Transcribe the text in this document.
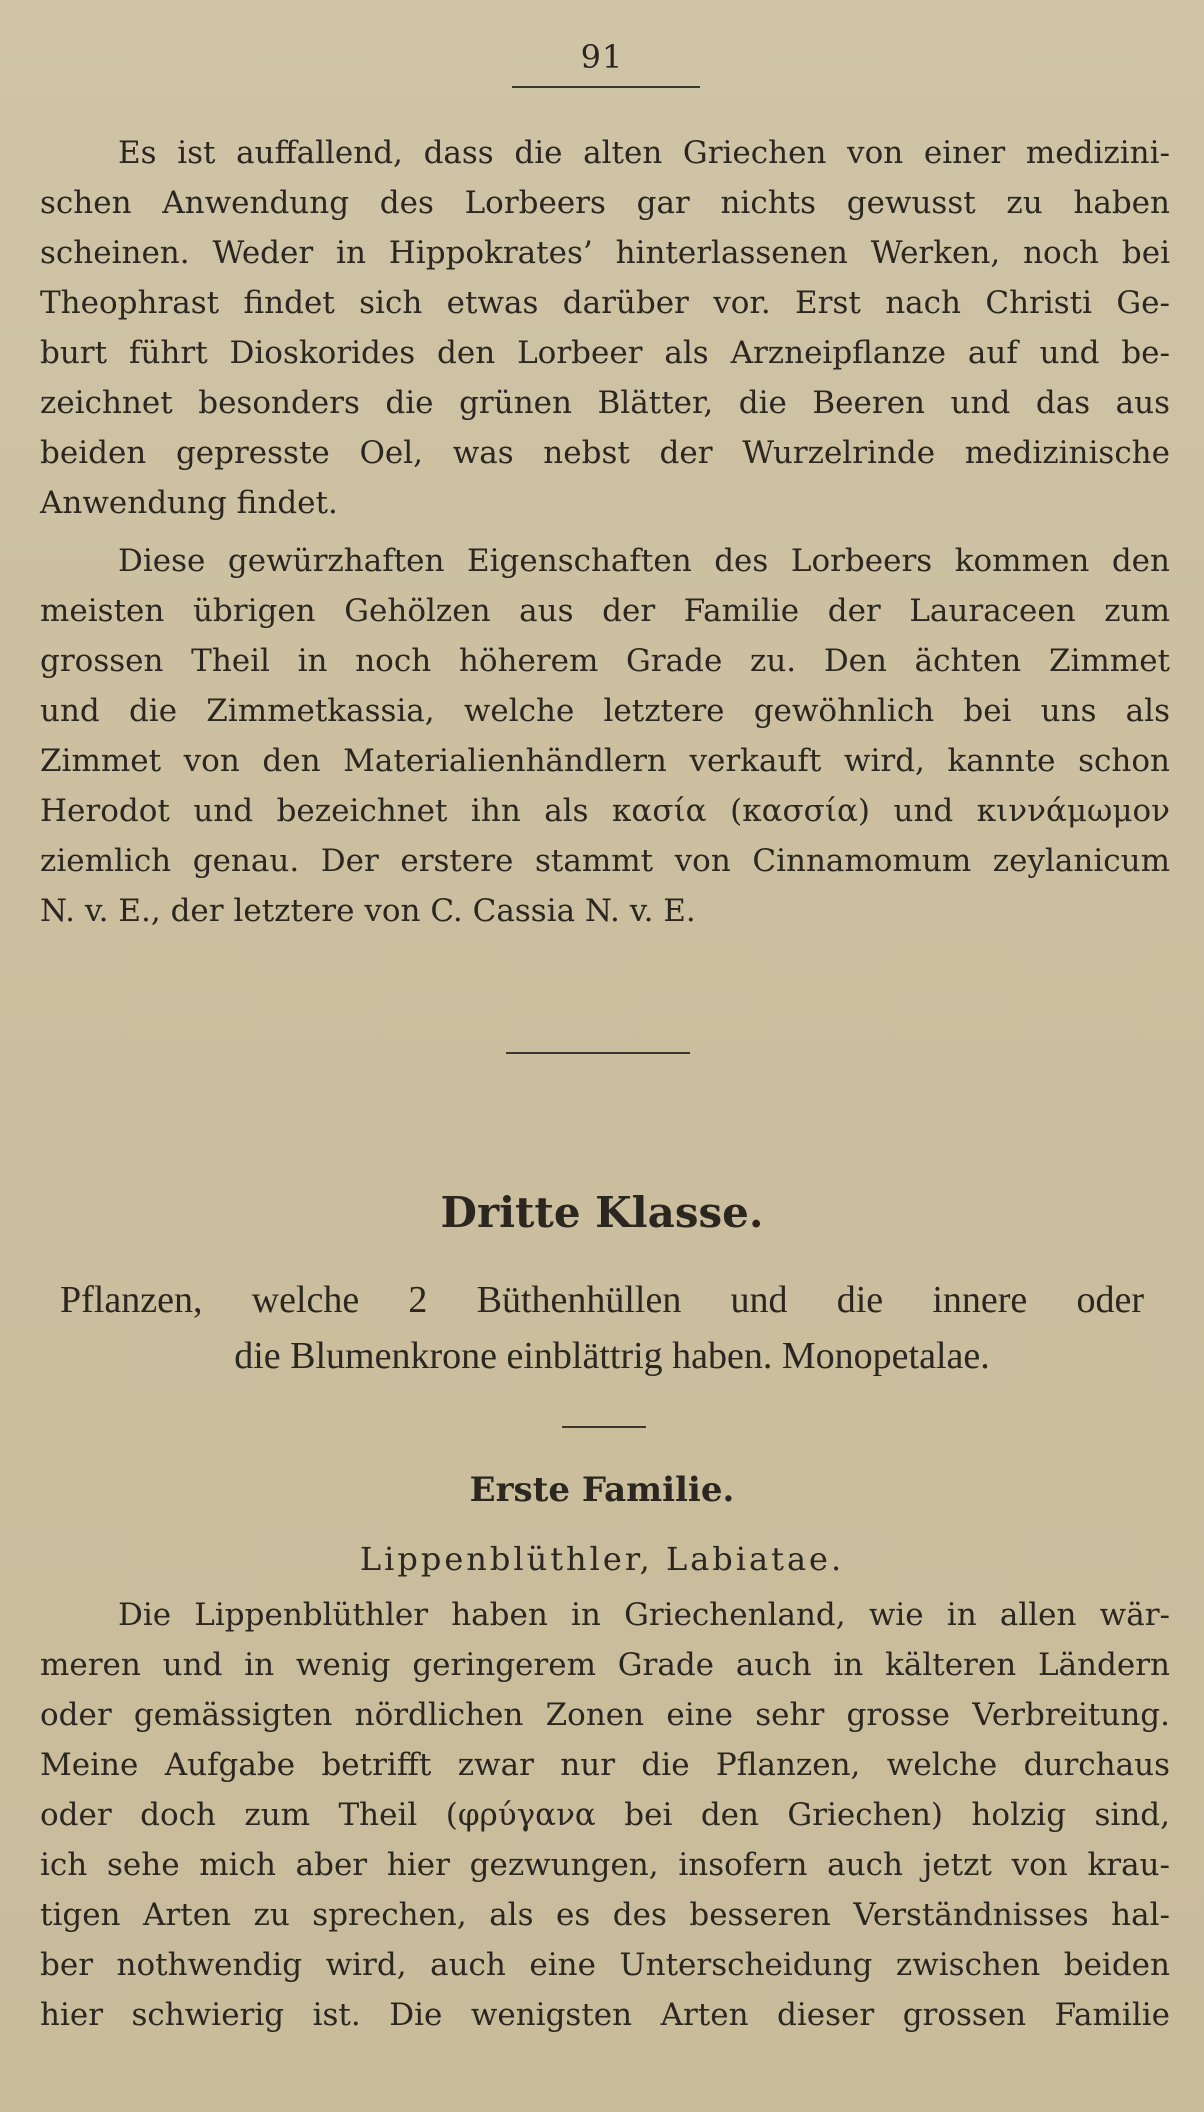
91
Es ist auffallend, dass die alten Griechen von einer medizini-
schen Anwendung des Lorbeers gar nichts gewusst zu haben
scheinen. Weder in Hippokrates’ hinterlassenen Werken, noch bei
Theophrast findet sich etwas darüber vor. Erst nach Christi Ge-
burt führt Dioskorides den Lorbeer als Arzneipflanze auf und be-
zeichnet besonders die grünen Blätter, die Beeren und das aus
beiden gepresste Oel, was nebst der Wurzelrinde medizinische
Anwendung findet.
Diese gewürzhaften Eigenschaften des Lorbeers kommen den
meisten übrigen Gehölzen aus der Familie der Lauraceen zum
grossen Theil in noch höherem Grade zu. Den ächten Zimmet
und die Zimmetkassia, welche letztere gewöhnlich bei uns als
Zimmet von den Materialienhändlern verkauft wird, kannte schon
Herodot und bezeichnet ihn als κασία (κασσία) und κιννάμωμον
ziemlich genau. Der erstere stammt von Cinnamomum zeylanicum
N. v. E., der letztere von C. Cassia N. v. E.
Dritte Klasse.
Pflanzen, welche 2 Büthenhüllen und die innere oder
die Blumenkrone einblättrig haben. Monopetalae.
Erste Familie.
Lippenblüthler, Labiatae.
Die Lippenblüthler haben in Griechenland, wie in allen wär-
meren und in wenig geringerem Grade auch in kälteren Ländern
oder gemässigten nördlichen Zonen eine sehr grosse Verbreitung.
Meine Aufgabe betrifft zwar nur die Pflanzen, welche durchaus
oder doch zum Theil (φρύγανα bei den Griechen) holzig sind,
ich sehe mich aber hier gezwungen, insofern auch jetzt von krau-
tigen Arten zu sprechen, als es des besseren Verständnisses hal-
ber nothwendig wird, auch eine Unterscheidung zwischen beiden
hier schwierig ist. Die wenigsten Arten dieser grossen Familie
